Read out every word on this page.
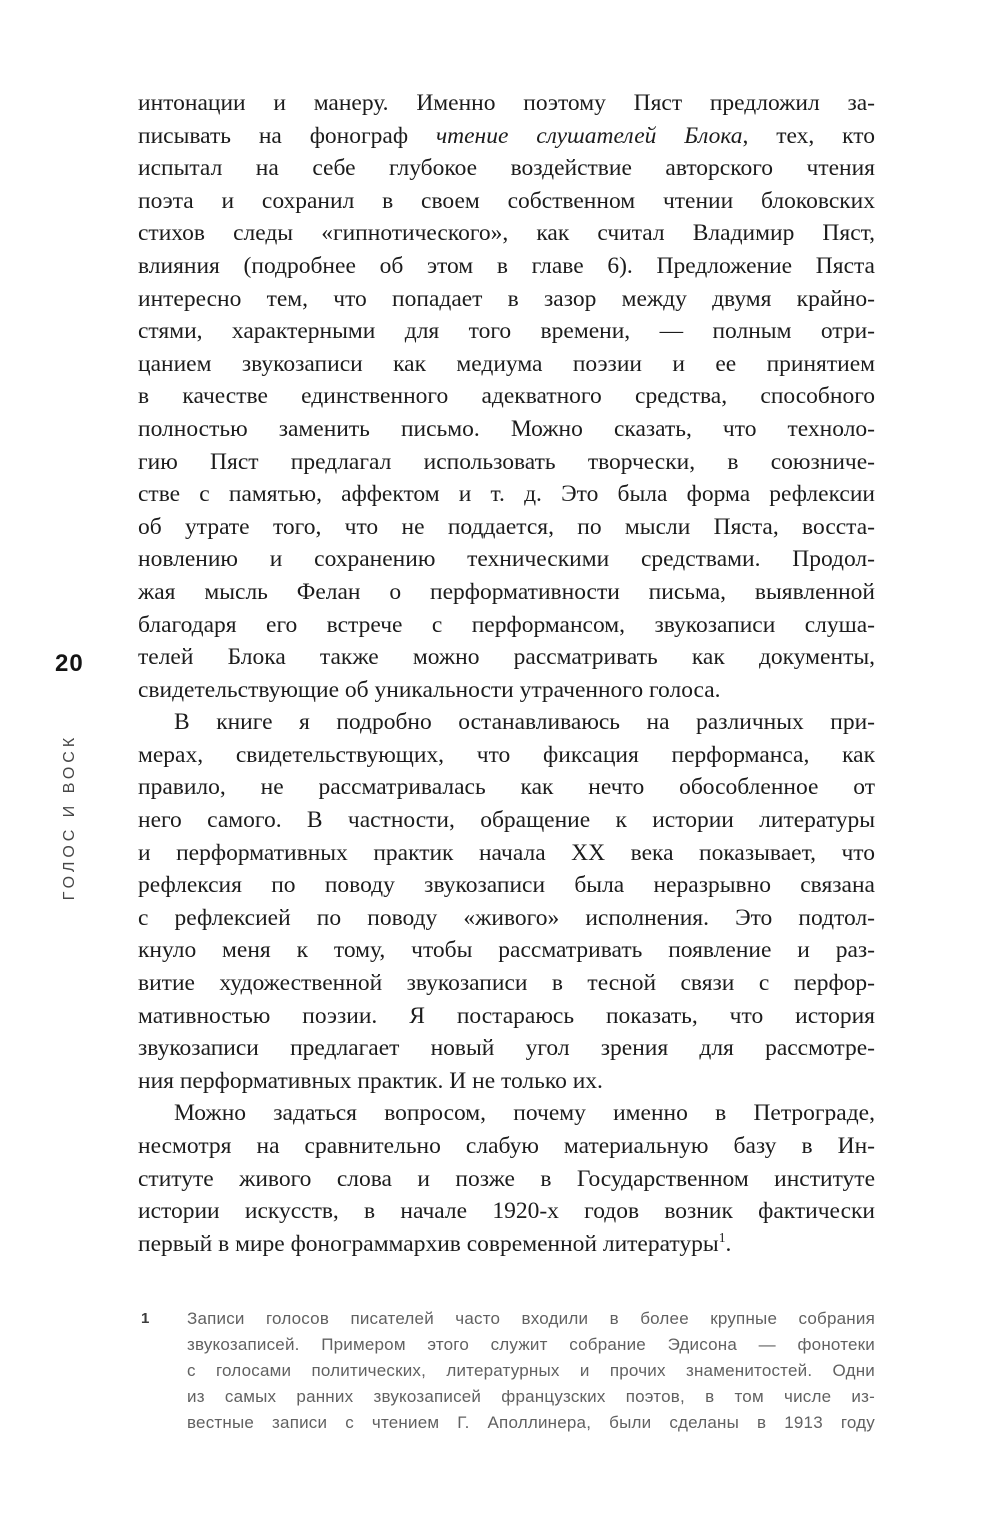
20
ГОЛОС И ВОСК
интонации и манеру. Именно поэтому Пяст предложил за-
писывать на фонограф чтение слушателей Блока, тех, кто
испытал на себе глубокое воздействие авторского чтения
поэта и сохранил в своем собственном чтении блоковских
стихов следы «гипнотического», как считал Владимир Пяст,
влияния (подробнее об этом в главе 6). Предложение Пяста
интересно тем, что попадает в зазор между двумя крайно-
стями, характерными для того времени, — полным отри-
цанием звукозаписи как медиума поэзии и ее принятием
в качестве единственного адекватного средства, способного
полностью заменить письмо. Можно сказать, что техноло-
гию Пяст предлагал использовать творчески, в союзниче-
стве с памятью, аффектом и т. д. Это была форма рефлексии
об утрате того, что не поддается, по мысли Пяста, восста-
новлению и сохранению техническими средствами. Продол-
жая мысль Фелан о перформативности письма, выявленной
благодаря его встрече с перформансом, звукозаписи слуша-
телей Блока также можно рассматривать как документы,
свидетельствующие об уникальности утраченного голоса.
В книге я подробно останавливаюсь на различных при-
мерах, свидетельствующих, что фиксация перформанса, как
правило, не рассматривалась как нечто обособленное от
него самого. В частности, обращение к истории литературы
и перформативных практик начала XX века показывает, что
рефлексия по поводу звукозаписи была неразрывно связана
с рефлексией по поводу «живого» исполнения. Это подтол-
кнуло меня к тому, чтобы рассматривать появление и раз-
витие художественной звукозаписи в тесной связи с перфор-
мативностью поэзии. Я постараюсь показать, что история
звукозаписи предлагает новый угол зрения для рассмотре-
ния перформативных практик. И не только их.
Можно задаться вопросом, почему именно в Петрограде,
несмотря на сравнительно слабую материальную базу в Ин-
ституте живого слова и позже в Государственном институте
истории искусств, в начале 1920-х годов возник фактически
первый в мире фонограммархив современной литературы$^1$.
1 Записи голосов писателей часто входили в более крупные собрания
звукозаписей. Примером этого служит собрание Эдисона — фонотеки
с голосами политических, литературных и прочих знаменитостей. Одни
из самых ранних звукозаписей французских поэтов, в том числе из-
вестные записи с чтением Г. Аполлинера, были сделаны в 1913 году
